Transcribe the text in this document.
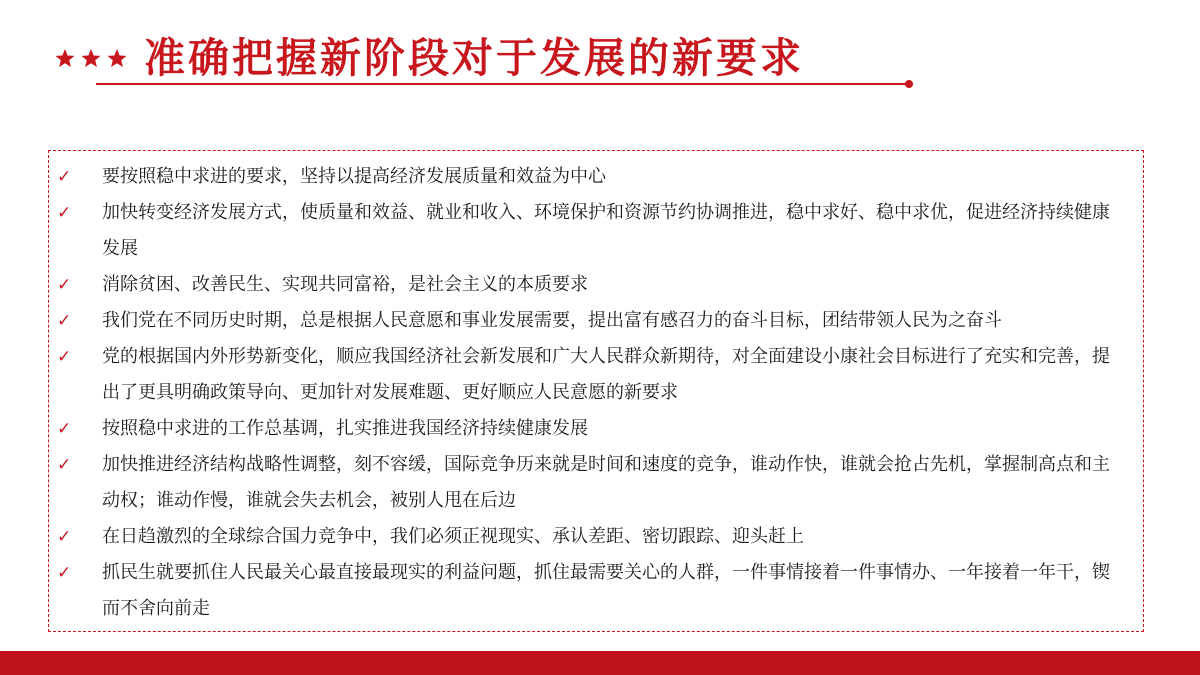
准确把握新阶段对于发展的新要求
✓ 要按照稳中求进的要求，坚持以提高经济发展质量和效益为中心
✓ 加快转变经济发展方式，使质量和效益、就业和收入、环境保护和资源节约协调推进，稳中求好、稳中求优，促进经济持续健康发展
✓ 消除贫困、改善民生、实现共同富裕，是社会主义的本质要求
✓ 我们党在不同历史时期，总是根据人民意愿和事业发展需要，提出富有感召力的奋斗目标，团结带领人民为之奋斗
✓ 党的根据国内外形势新变化，顺应我国经济社会新发展和广大人民群众新期待，对全面建设小康社会目标进行了充实和完善，提出了更具明确政策导向、更加针对发展难题、更好顺应人民意愿的新要求
✓ 按照稳中求进的工作总基调，扎实推进我国经济持续健康发展
✓ 加快推进经济结构战略性调整，刻不容缓，国际竞争历来就是时间和速度的竞争，谁动作快，谁就会抢占先机，掌握制高点和主动权；谁动作慢，谁就会失去机会，被别人甩在后边
✓ 在日趋激烈的全球综合国力竞争中，我们必须正视现实、承认差距、密切跟踪、迎头赶上
✓ 抓民生就要抓住人民最关心最直接最现实的利益问题，抓住最需要关心的人群，一件事情接着一件事情办、一年接着一年干，锲而不舍向前走
